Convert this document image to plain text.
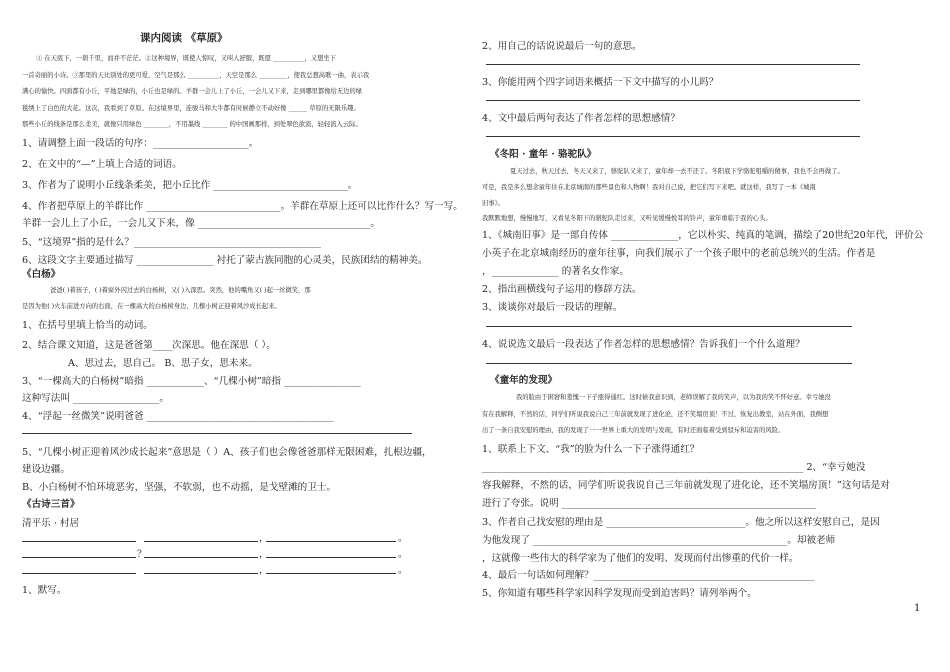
课内阅读 《草原》
① 在天底下，一碧千里，而并不茫茫。②这种境界，既使人惊叹，又叫人舒服，既愿 __________，又想坐下
一首奇丽的小诗。③那里的天比别处的更可爱，空气是那么 __________，天空是那么 _________，使我总想高歌一曲，表示我
满心的愉快。四面都有小丘，平地是绿的，小丘也是绿的。羊群一会儿上了小丘，一会儿又下来，走到哪里都像给无边的绿
毯绣上了白色的大花。这次，我看到了草原。在这境界里，连骏马和大牛都有时候静立不动好像 ______ 草原的无限乐趣。
那些小丘的线条是那么柔美，就像只用绿色 ________，不用墨线 ________ 的中国画那样，到处翠色欲流，轻轻流入云际。
1、请调整上面一段话的句序：____________________。
2、在文中的“—”上填上合适的词语。
3、作者为了说明小丘线条柔美，把小丘比作 ____________________________。
4、作者把草原上的羊群比作 ____________________________。羊群在草原上还可以比作什么？写一写。
羊群一会儿上了小丘，一会儿又下来，像 ____________________________________。
5、“这境界”指的是什么？_______________________________________
6、这段文字主要通过描写 ________________ 衬托了蒙古族同胞的心灵美，民族团结的精神美。
《白杨》
爸爸( )着孩子，( )着窗外闪过去的白杨树，又( )入深思。突然，他的嘴角又( )起一丝微笑，那
是因为他( )火车前进方向的右面，在一棵高大的白杨树身边，几棵小树正迎着风沙成长起来。
1、在括号里填上恰当的动词。
2、结合课文知道，这是爸爸第____次深思。他在深思（ ）。
A、思过去，思自己。 B、思子女，思未来。
3、“一棵高大的白杨树”暗指 ____________、“几棵小树”暗指 ________________
这种写法叫 __________________。
4、“浮起一丝微笑”说明爸爸 _______________________________________
5、“几棵小树正迎着风沙成长起来”意思是（ ）A、孩子们也会像爸爸那样无限困难，扎根边疆，
建设边疆。
B、小白杨树不怕环境恶劣，坚强，不软弱，也不动摇，是戈壁滩的卫士。
《古诗三首》
清平乐 · 村居
1、默写。
？
，	。
，	。
，	。
2、用自己的话说说最后一句的意思。
3、你能用两个四字词语来概括一下文中描写的小儿吗？
4、文中最后两句表达了作者怎样的思想感情？
《冬阳 · 童年 · 骆驼队》
夏天过去，秋天过去，冬天又来了，骆驼队又来了，童年却一去不还了。冬阳底下学骆驼咀嚼的傻事，我也不会再做了。
可是，我是多么想念童年住在北京城南的那些景色和人物啊！我对自己说，把它们写下来吧。就这样，我写了一本《城南
旧事》。
我默默地想，慢慢地写，又看见冬阳下的骆驼队走过来，又听见缓慢悦耳的铃声，童年重临于我的心头。
1、《城南旧事》是一部自传体 ______________，它以朴实、纯真的笔调，描绘了20世纪20年代，评价公
小英子在北京城南经历的童年往事，向我们展示了一个孩子眼中的老前总统兴的生活。作者是
，______________ 的著名女作家。
2、指出画横线句子运用的修辞方法。
3、谈谈你对最后一段话的理解。
4、说说选文最后一段表达了作者怎样的思想感情？告诉我们一个什么道理？
《童年的发现》
我的脸由于困窘和羞愧一下子涨得通红。这时候我意识到，老师误解了我的笑声，以为我的笑不怀好意。幸亏她没
有在我解释，不然的话，同学们听说我说自己三年前就发现了进化论，还不笑塌房顶！不过，恢复出教室，站在外面，我侧想
出了一条自我安慰的理由，我的发现了一一世界上重大的发明与发现，有时还面临着受到驳斥和迫害的风险。
1、联系上下文、“我”的脸为什么一下子涨得通红？
___________________________________________________________________ 2、“幸亏她没
容我解释，不然的话，同学们听说我说自己三年前就发现了进化论，还不笑塌房顶！”这句话是对
进行了夸张。说明 _____________________________________________________
3、作者自己找安慰的理由是 _____________________________。他之所以这样安慰自己，是因
为他发现了 _____________________________________________________。却被老师
，这就像一些伟大的科学家为了他们的发明、发现而付出惨重的代价一样。
4、最后一句话如何理解？______________________________________________
5、你知道有哪些科学家因科学发现而受到迫害吗？请列举两个。
1
